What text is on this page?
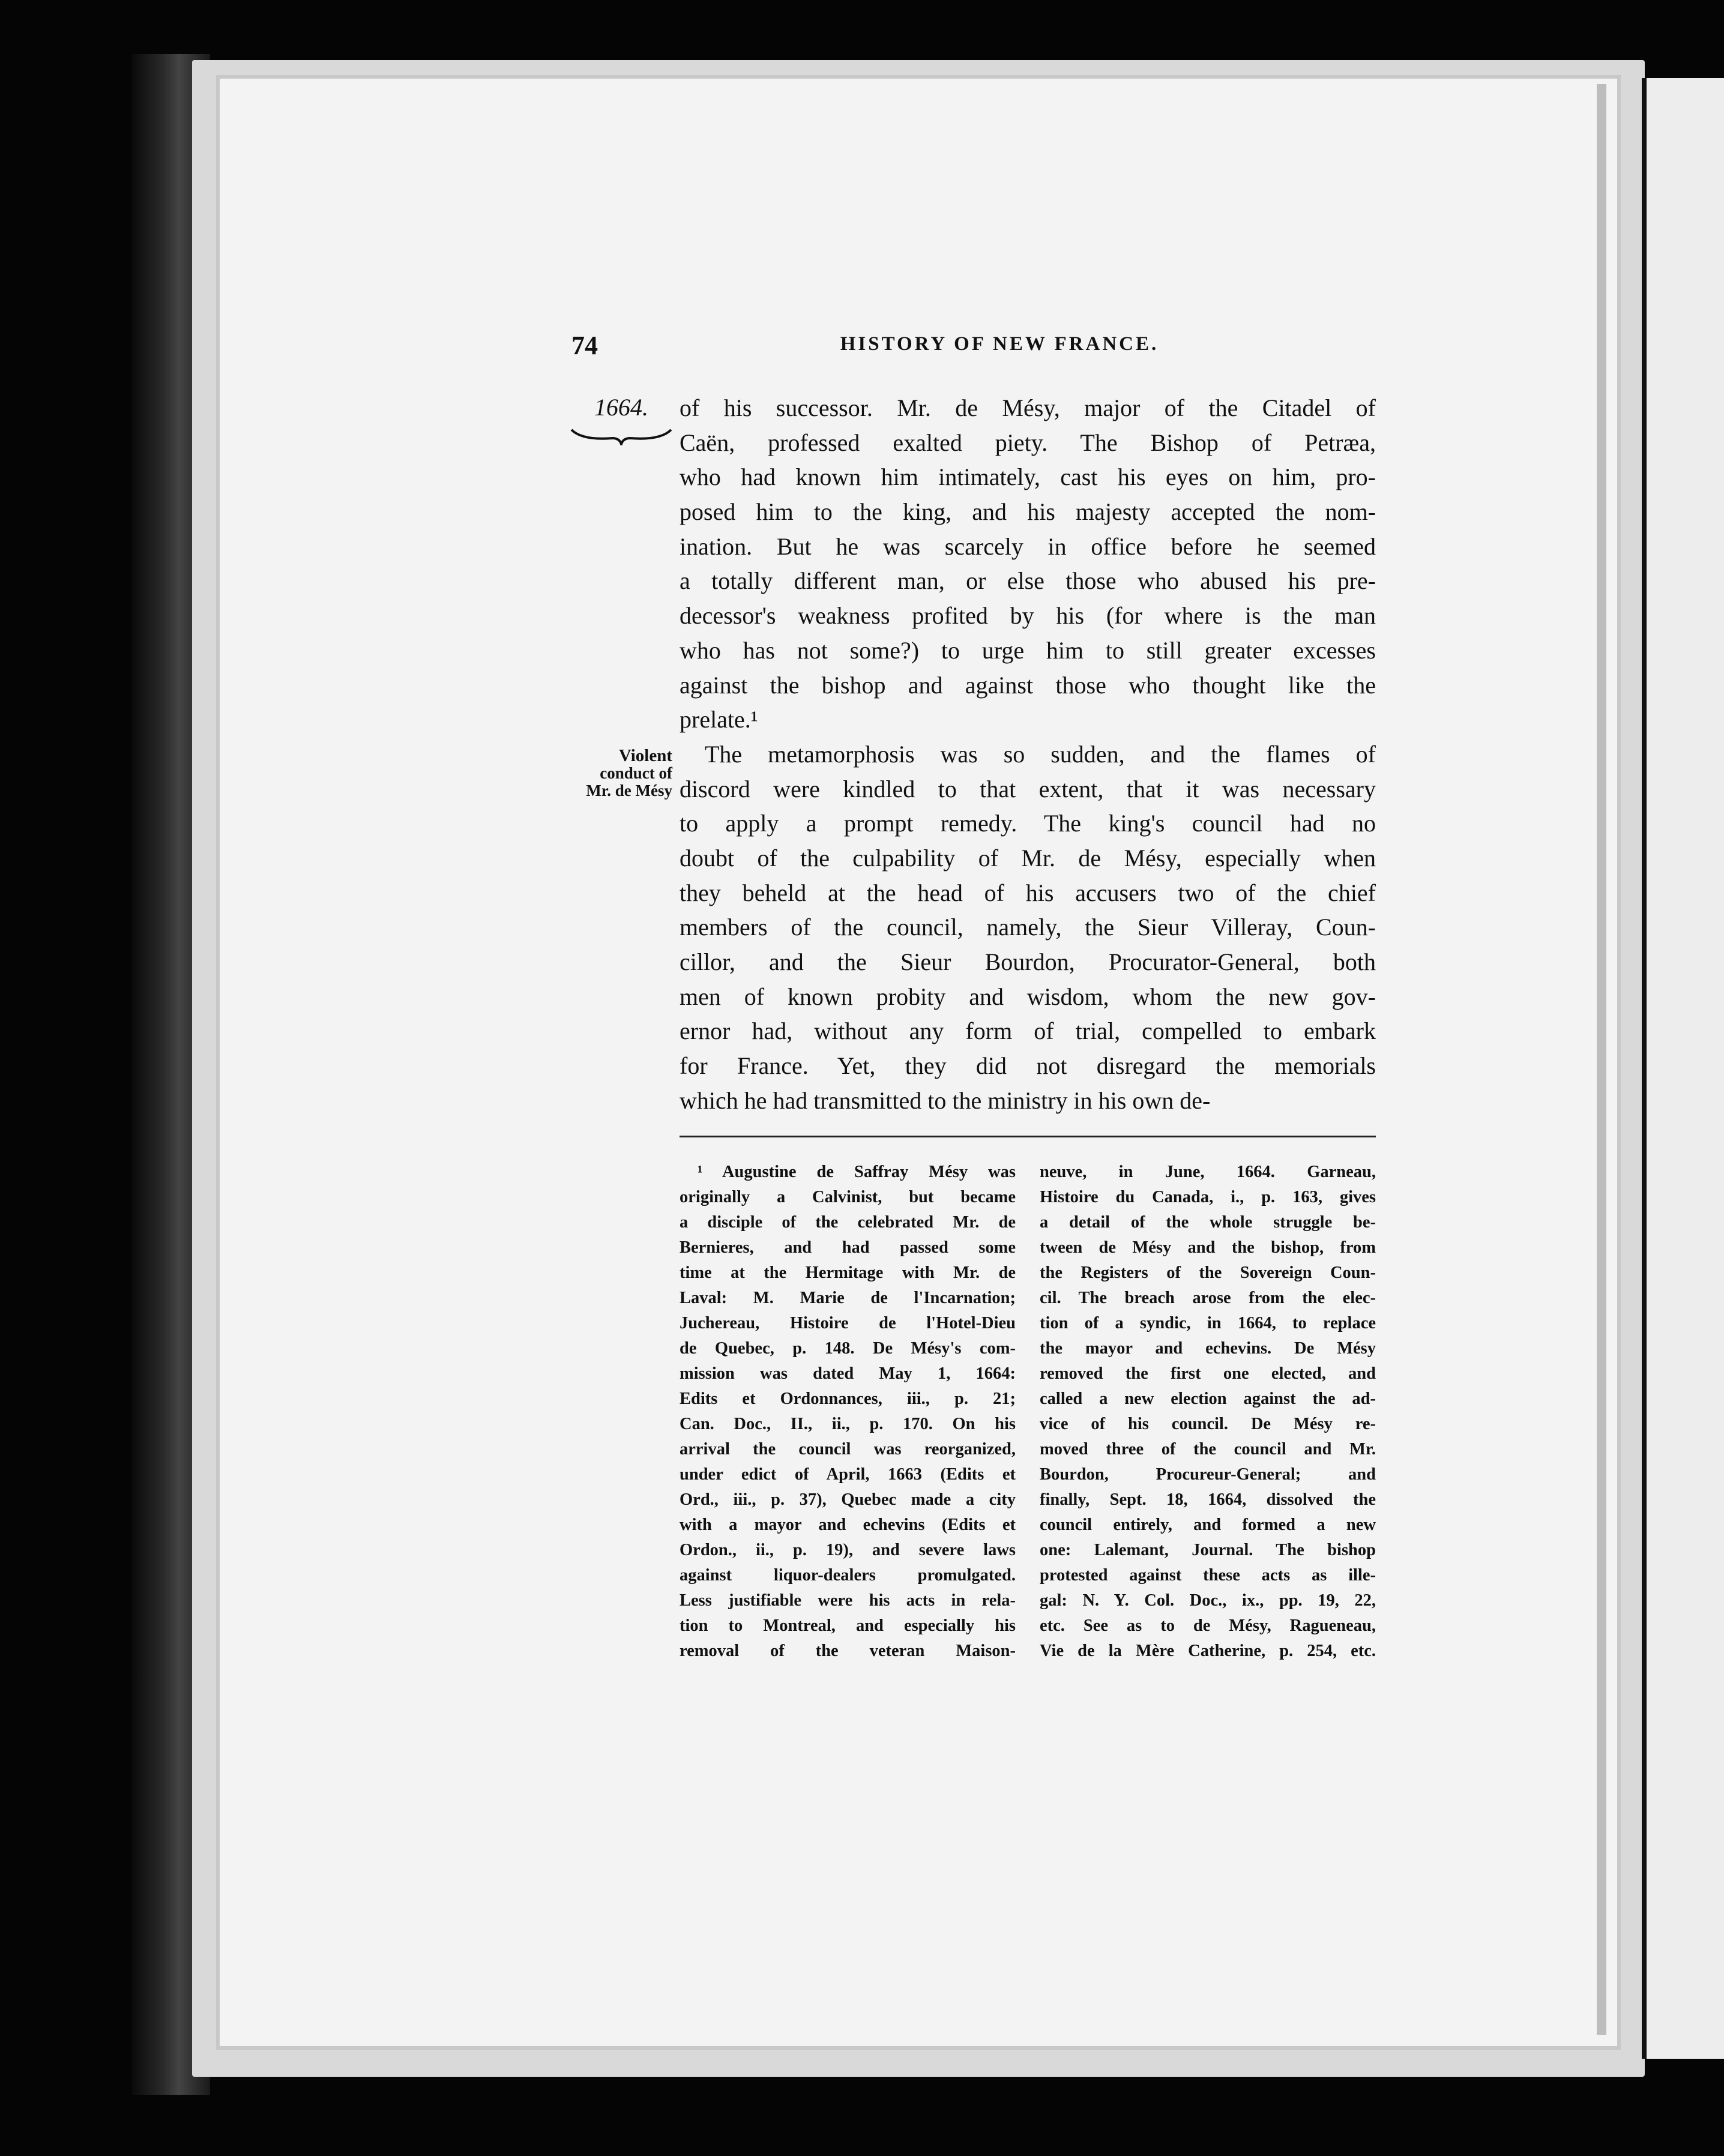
74	HISTORY OF NEW FRANCE.
1664.
Violent
conduct of
Mr. de Mésy
of his successor. Mr. de Mésy, major of the Citadel of
Caën, professed exalted piety. The Bishop of Petræa,
who had known him intimately, cast his eyes on him, pro-
posed him to the king, and his majesty accepted the nom-
ination. But he was scarcely in office before he seemed
a totally different man, or else those who abused his pre-
decessor's weakness profited by his (for where is the man
who has not some?) to urge him to still greater excesses
against the bishop and against those who thought like the
prelate.¹
The metamorphosis was so sudden, and the flames of
discord were kindled to that extent, that it was necessary
to apply a prompt remedy. The king's council had no
doubt of the culpability of Mr. de Mésy, especially when
they beheld at the head of his accusers two of the chief
members of the council, namely, the Sieur Villeray, Coun-
cillor, and the Sieur Bourdon, Procurator-General, both
men of known probity and wisdom, whom the new gov-
ernor had, without any form of trial, compelled to embark
for France. Yet, they did not disregard the memorials
which he had transmitted to the ministry in his own de-
¹ Augustine de Saffray Mésy was
originally a Calvinist, but became
a disciple of the celebrated Mr. de
Bernieres, and had passed some
time at the Hermitage with Mr. de
Laval: M. Marie de l'Incarnation;
Juchereau, Histoire de l'Hotel-Dieu
de Quebec, p. 148. De Mésy's com-
mission was dated May 1, 1664:
Edits et Ordonnances, iii., p. 21;
Can. Doc., II., ii., p. 170. On his
arrival the council was reorganized,
under edict of April, 1663 (Edits et
Ord., iii., p. 37), Quebec made a city
with a mayor and echevins (Edits et
Ordon., ii., p. 19), and severe laws
against liquor-dealers promulgated.
Less justifiable were his acts in rela-
tion to Montreal, and especially his
removal of the veteran Maison-
neuve, in June, 1664. Garneau,
Histoire du Canada, i., p. 163, gives
a detail of the whole struggle be-
tween de Mésy and the bishop, from
the Registers of the Sovereign Coun-
cil. The breach arose from the elec-
tion of a syndic, in 1664, to replace
the mayor and echevins. De Mésy
removed the first one elected, and
called a new election against the ad-
vice of his council. De Mésy re-
moved three of the council and Mr.
Bourdon, Procureur-General; and
finally, Sept. 18, 1664, dissolved the
council entirely, and formed a new
one: Lalemant, Journal. The bishop
protested against these acts as ille-
gal: N. Y. Col. Doc., ix., pp. 19, 22,
etc. See as to de Mésy, Ragueneau,
Vie de la Mère Catherine, p. 254, etc.
